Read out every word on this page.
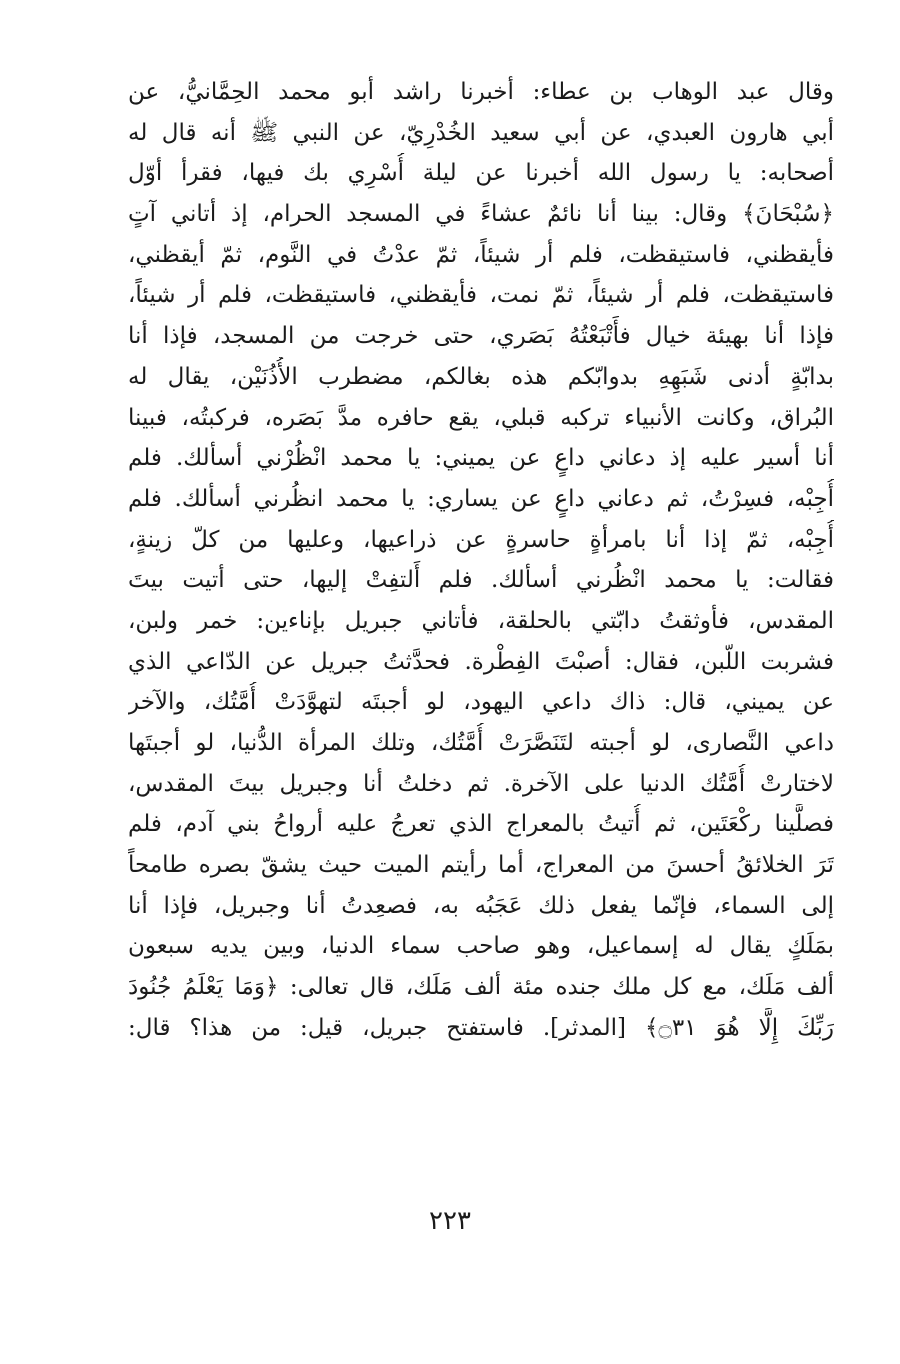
وقال عبد الوهاب بن عطاء: أخبرنا راشد أبو محمد الحِمَّانيُّ، عن
أبي هارون العبدي، عن أبي سعيد الخُدْرِيّ، عن النبي ﷺ أنه قال له
أصحابه: يا رسول الله أخبرنا عن ليلة أُسْرِي بك فيها، فقرأ أوّل
﴿سُبْحَانَ﴾ وقال: بينا أنا نائمٌ عشاءً في المسجد الحرام، إذ أتاني آتٍ
فأيقظني، فاستيقظت، فلم أر شيئاً، ثمّ عدْتُ في النَّوم، ثمّ أيقظني،
فاستيقظت، فلم أر شيئاً، ثمّ نمت، فأيقظني، فاستيقظت، فلم أر شيئاً،
فإذا أنا بهيئة خيال فأَتْبَعْتُهُ بَصَري، حتى خرجت من المسجد، فإذا أنا
بدابّةٍ أدنى شَبَهِهِ بدوابّكم هذه بغالكم، مضطرب الأُذُنَيْن، يقال له
البُراق، وكانت الأنبياء تركبه قبلي، يقع حافره مدَّ بَصَره، فركبتُه، فبينا
أنا أسير عليه إذ دعاني داعٍ عن يميني: يا محمد انْظُرْني أسألك. فلم
أُجِبْه، فسِرْتُ، ثم دعاني داعٍ عن يساري: يا محمد انظُرني أسألك. فلم
أُجِبْه، ثمّ إذا أنا بامرأةٍ حاسرةٍ عن ذراعيها، وعليها من كلّ زينةٍ،
فقالت: يا محمد انْظُرني أسألك. فلم أَلتفِتْ إليها، حتى أتيت بيتَ
المقدس، فأوثقتُ دابّتي بالحلقة، فأتاني جبريل بإناءين: خمر ولبن،
فشربت اللّبن، فقال: أصبْتَ الفِطْرة. فحدَّثتُ جبريل عن الدّاعي الذي
عن يميني، قال: ذاك داعي اليهود، لو أجبتَه لتهوَّدَتْ أُمَّتُك، والآخر
داعي النَّصارى، لو أجبته لتَنَصَّرَتْ أُمَّتُك، وتلك المرأة الدُّنيا، لو أجبتَها
لاختارتْ أُمَّتُك الدنيا على الآخرة. ثم دخلتُ أنا وجبريل بيتَ المقدس،
فصلَّينا ركْعَتَين، ثم أُتيتُ بالمعراج الذي تعرجُ عليه أرواحُ بني آدم، فلم
تَرَ الخلائقُ أحسنَ من المعراج، أما رأيتم الميت حيث يشقّ بصره طامحاً
إلى السماء، فإنّما يفعل ذلك عَجَبُه به، فصعِدتُ أنا وجبريل، فإذا أنا
بمَلَكٍ يقال له إسماعيل، وهو صاحب سماء الدنيا، وبين يديه سبعون
ألف مَلَك، مع كل ملك جنده مئة ألف مَلَك، قال تعالى: ﴿وَمَا يَعْلَمُ جُنُودَ
رَبِّكَ إِلَّا هُوَ ۝٣١﴾ [المدثر]. فاستفتح جبريل، قيل: من هذا؟ قال:
٢٢٣
